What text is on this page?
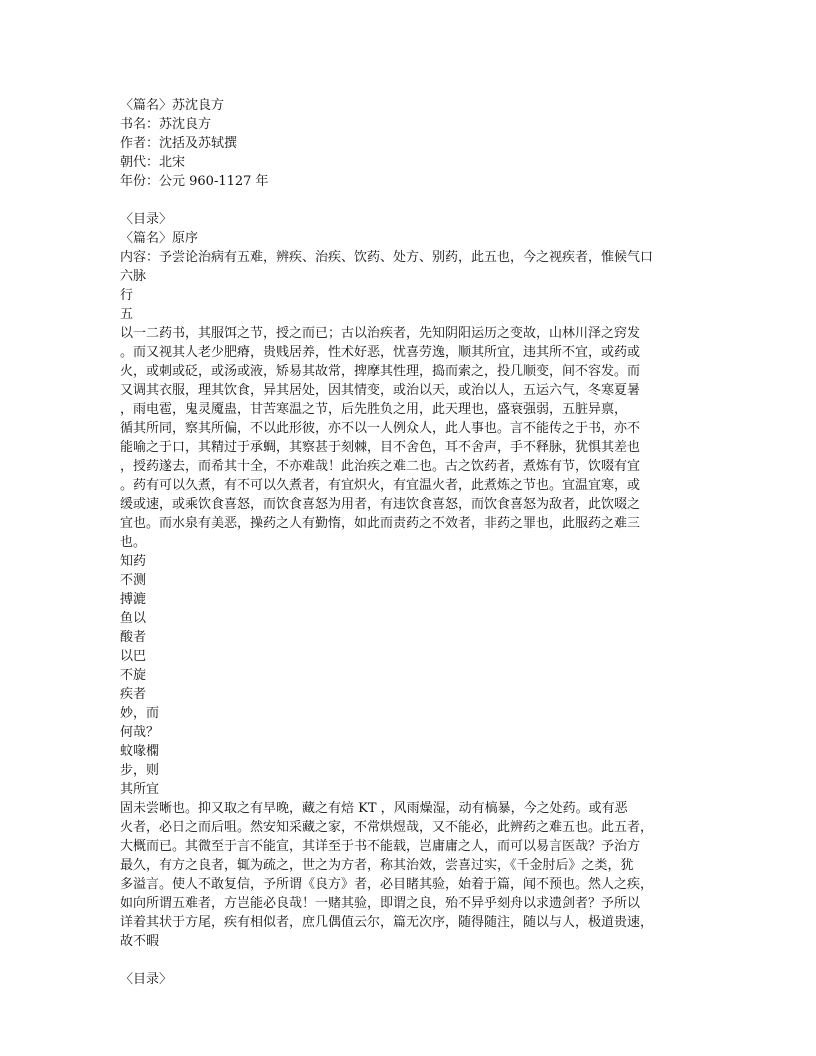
〈篇名〉苏沈良方
书名：苏沈良方
作者：沈括及苏轼撰
朝代：北宋
年份：公元 960-1127 年
〈目录〉
〈篇名〉原序
内容：予尝论治病有五难，辨疾、治疾、饮药、处方、别药，此五也，今之视疾者，惟候气口
六脉
行
五
以一二药书，其服饵之节，授之而已；古以治疾者，先知阴阳运历之变故，山林川泽之窍发
。而又视其人老少肥瘠，贵贱居养，性术好恶，忧喜劳逸，顺其所宜，违其所不宜，或药或
火，或刺或砭，或汤或液，矫易其故常，捭摩其性理，捣而索之，投几顺变，间不容发。而
又调其衣服，理其饮食，异其居处，因其情变，或治以天，或治以人，五运六气，冬寒夏暑
，雨电雹，鬼灵魇蛊，甘苦寒温之节，后先胜负之用，此天理也，盛衰强弱，五脏异禀，
循其所同，察其所偏，不以此形彼，亦不以一人例众人，此人事也。言不能传之于书，亦不
能喻之于口，其精过于承蜩，其察甚于刻棘，目不舍色，耳不舍声，手不释脉，犹惧其差也
，授药遂去，而希其十全，不亦难哉！此治疾之难二也。古之饮药者，煮炼有节，饮啜有宜
。药有可以久煮，有不可以久煮者，有宜炽火，有宜温火者，此煮炼之节也。宜温宜寒，或
缓或速，或乘饮食喜怒，而饮食喜怒为用者，有违饮食喜怒，而饮食喜怒为敌者，此饮啜之
宜也。而水泉有美恶，操药之人有勤惰，如此而责药之不效者，非药之罪也，此服药之难三
也。
知药
不测
搏漉
鱼以
酸者
以巴
不旋
疾者
妙，而
何哉？
蚊喙㯗
步，则
其所宜
固未尝晰也。抑又取之有早晚，藏之有焙 KT ，风雨燥湿，动有槁暴，今之处药。或有恶
火者，必日之而后咀。然安知采藏之家，不常烘煜哉，又不能必，此辨药之难五也。此五者，
大概而已。其微至于言不能宣，其详至于书不能载，岂庸庸之人，而可以易言医哉？予治方
最久，有方之良者，辄为疏之，世之为方者，称其治效，尝喜过实，《千金肘后》之类，犹
多溢言。使人不敢复信，予所谓《良方》者，必目睹其验，始着于篇，闻不预也。然人之疾，
如向所谓五难者，方岂能必良哉！一赌其验，即谓之良，殆不异乎刻舟以求遗剑者？予所以
详着其状于方尾，疾有相似者，庶几偶值云尔，篇无次序，随得随注，随以与人，极道贵速，
故不暇
〈目录〉
